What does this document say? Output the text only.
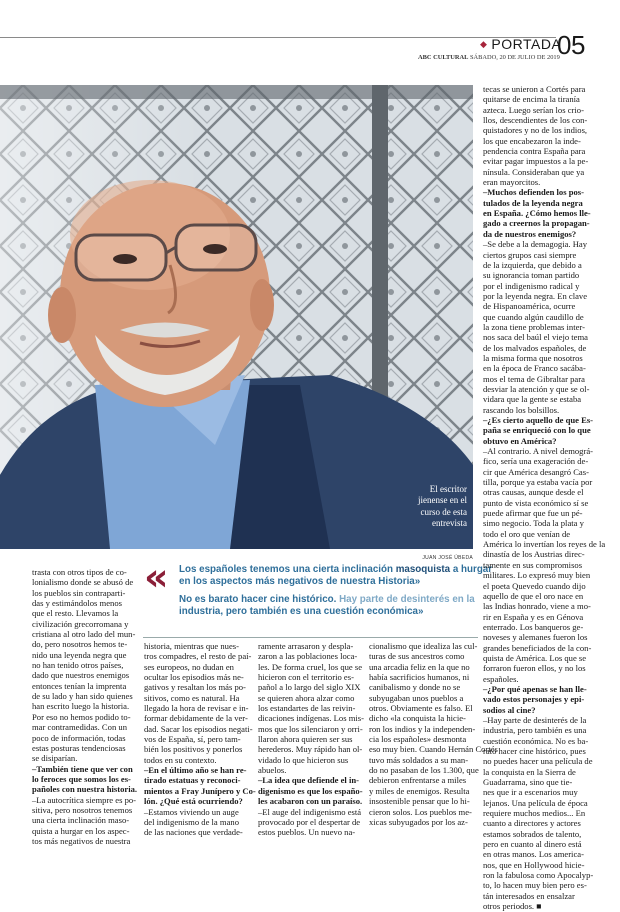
◆ PORTADA
05
ABC CULTURAL SÁBADO, 20 DE JULIO DE 2019
El escritor
jienense en el
curso de esta
entrevista
JUAN JOSÉ ÚBEDA
« Los españoles tenemos una cierta inclinación masoquista a hurgar
en los aspectos más negativos de nuestra Historia»
No es barato hacer cine histórico. Hay parte de desinterés en la
industria, pero también es una cuestión económica»
trasta con otros tipos de co-
lonialismo donde se abusó de
los pueblos sin contraparti-
das y estimándolos menos
que el resto. Llevamos la
civilización grecorromana y
cristiana al otro lado del mun-
do, pero nosotros hemos te-
nido una leyenda negra que
no han tenido otros países,
dado que nuestros enemigos
entonces tenían la imprenta
de su lado y han sido quienes
han escrito luego la historia.
Por eso no hemos podido to-
mar contramedidas. Con un
poco de información, todas
estas posturas tendenciosas
se disiparían.
–También tiene que ver con
lo feroces que somos los es-
pañoles con nuestra historia.
–La autocrítica siempre es po-
sitiva, pero nosotros tenemos
una cierta inclinación maso-
quista a hurgar en los aspec-
tos más negativos de nuestra
historia, mientras que nues-
tros compadres, el resto de paí-
ses europeos, no dudan en
ocultar los episodios más ne-
gativos y resaltan los más po-
sitivos, como es natural. Ha
llegado la hora de revisar e in-
formar debidamente de la ver-
dad. Sacar los episodios negati-
vos de España, sí, pero tam-
bién los positivos y ponerlos
todos en su contexto.
–En el último año se han re-
tirado estatuas y reconoci-
mientos a Fray Junípero y Co-
lón. ¿Qué está ocurriendo?
–Estamos viviendo un auge
del indigenismo de la mano
de las naciones que verdade-
ramente arrasaron y despla-
zaron a las poblaciones loca-
les. De forma cruel, los que se
hicieron con el territorio es-
pañol a lo largo del siglo XIX
se quieren ahora alzar como
los estandartes de las reivin-
dicaciones indígenas. Los mis-
mos que los silenciaron y orri-
llaron ahora quieren ser sus
herederos. Muy rápido han ol-
vidado lo que hicieron sus
abuelos.
–La idea que defiende el in-
digenismo es que los españo-
les acabaron con un paraíso.
–El auge del indigenismo está
provocado por el despertar de
estos pueblos. Un nuevo na-
cionalismo que idealiza las cul-
turas de sus ancestros como
una arcadia feliz en la que no
había sacrificios humanos, ni
canibalismo y donde no se
subyugaban unos pueblos a
otros. Obviamente es falso. El
dicho «la conquista la hicie-
ron los indios y la independen-
cia los españoles» desmonta
eso muy bien. Cuando Hernán Cortés
tuvo más soldados a su man-
do no pasaban de los 1.300, que
debieron enfrentarse a miles
y miles de enemigos. Resulta
insostenible pensar que lo hi-
cieron solos. Los pueblos me-
xicas subyugados por los az-
tecas se unieron a Cortés para
quitarse de encima la tiranía
azteca. Luego serían los crio-
llos, descendientes de los con-
quistadores y no de los indios,
los que encabezaron la inde-
pendencia contra España para
evitar pagar impuestos a la pe-
nínsula. Consideraban que ya
eran mayorcitos.
–Muchos defienden los pos-
tulados de la leyenda negra
en España. ¿Cómo hemos lle-
gado a creernos la propagan-
da de nuestros enemigos?
–Se debe a la demagogia. Hay
ciertos grupos casi siempre
de la izquierda, que debido a
su ignorancia toman partido
por el indigenismo radical y
por la leyenda negra. En clave
de Hispanoamérica, ocurre
que cuando algún caudillo de
la zona tiene problemas inter-
nos saca del baúl el viejo tema
de los malvados españoles, de
la misma forma que nosotros
en la época de Franco sacába-
mos el tema de Gibraltar para
desviar la atención y que se ol-
vidara que la gente se estaba
rascando los bolsillos.
–¿Es cierto aquello de que Es-
paña se enriqueció con lo que
obtuvo en América?
–Al contrario. A nivel demográ-
fico, sería una exageración de-
cir que América desangró Cas-
tilla, porque ya estaba vacía por
otras causas, aunque desde el
punto de vista económico sí se
puede afirmar que fue un pé-
simo negocio. Toda la plata y
todo el oro que venían de
América lo invertían los reyes de la
dinastía de los Austrias direc-
tamente en sus compromisos
militares. Lo expresó muy bien
el poeta Quevedo cuando dijo
aquello de que el oro nace en
las Indias honrado, viene a mo-
rir en España y es en Génova
enterrado. Los banqueros ge-
noveses y alemanes fueron los
grandes beneficiados de la con-
quista de América. Los que se
forraron fueron ellos, y no los
españoles.
–¿Por qué apenas se han lle-
vado estos personajes y epi-
sodios al cine?
–Hay parte de desinterés de la
industria, pero también es una
cuestión económica. No es ba-
rato hacer cine histórico, pues
no puedes hacer una película de
la conquista en la Sierra de
Guadarrama, sino que tie-
nes que ir a escenarios muy
lejanos. Una película de época
requiere muchos medios... En
cuanto a directores y actores
estamos sobrados de talento,
pero en cuanto al dinero está
en otras manos. Los america-
nos, que en Hollywood hicie-
ron la fabulosa como Apocalyp-
to, lo hacen muy bien pero es-
tán interesados en ensalzar
otros periodos. ■
